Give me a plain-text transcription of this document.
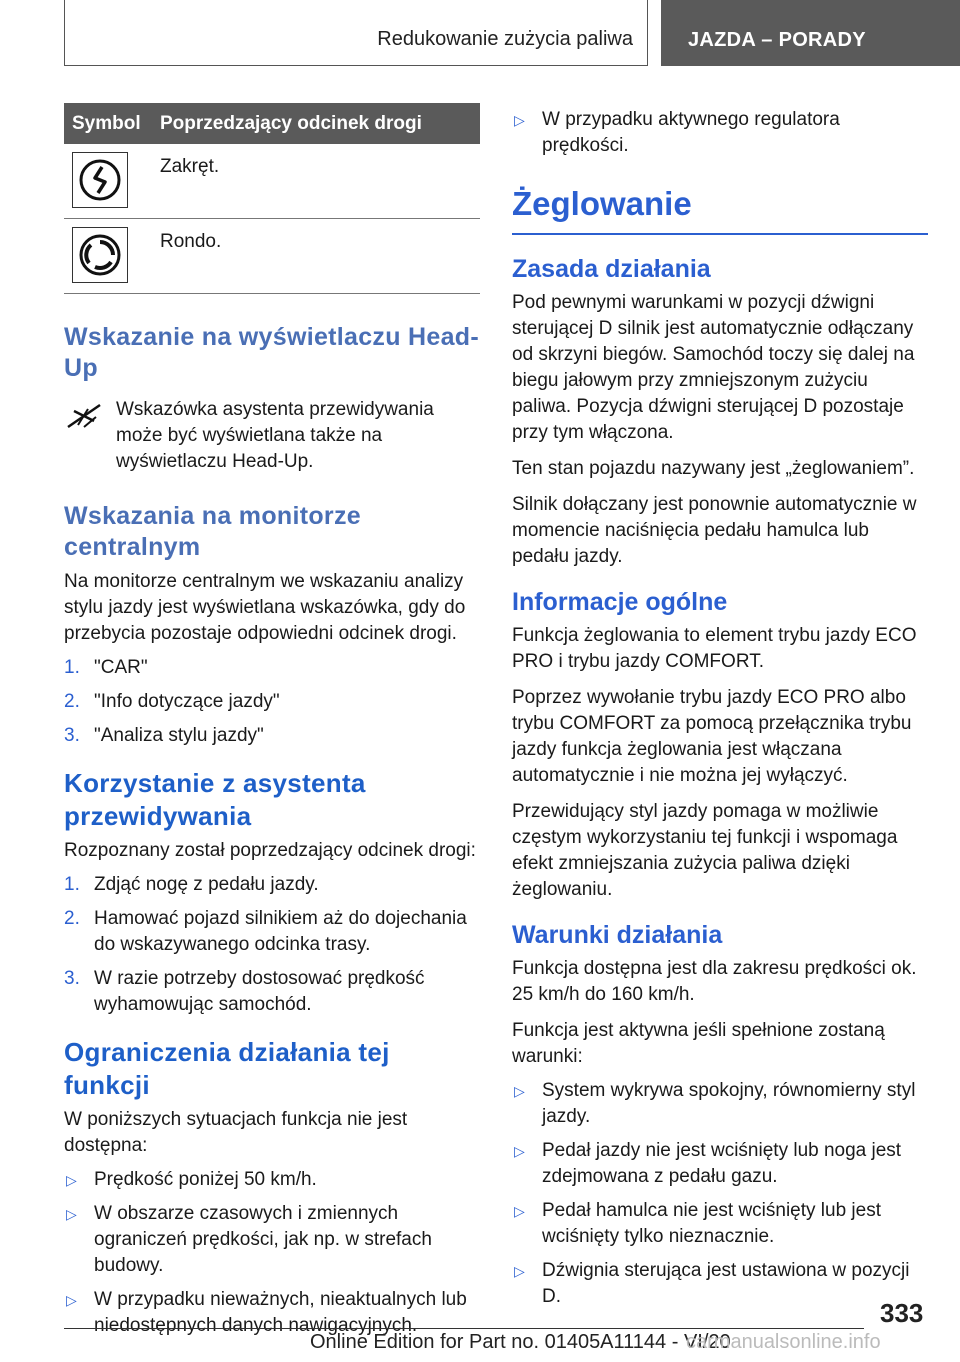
Redukowanie zużycia paliwa	JAZDA – PORADY
Symbol	Poprzedzający odcinek drogi

	Zakręt.

	Rondo.
Wskazanie na wyświetlaczu Head-Up

Wskazówka asystenta przewidywania może być wyświetlana także na wyświetlaczu Head-Up.

Wskazania na monitorze centralnym

Na monitorze centralnym we wskazaniu analizy stylu jazdy jest wyświetlana wskazówka, gdy do przebycia pozostaje odpowiedni odcinek drogi.

1. "CAR"
2. "Info dotyczące jazdy"
3. "Analiza stylu jazdy"
Korzystanie z asystenta przewidywania

Rozpoznany został poprzedzający odcinek drogi:

1. Zdjąć nogę z pedału jazdy.
2. Hamować pojazd silnikiem aż do dojechania do wskazywanego odcinka trasy.
3. W razie potrzeby dostosować prędkość wyhamowując samochód.
Ograniczenia działania tej funkcji

W poniższych sytuacjach funkcja nie jest dostępna:

▷ Prędkość poniżej 50 km/h.
▷ W obszarze czasowych i zmiennych ograniczeń prędkości, jak np. w strefach budowy.
▷ W przypadku nieważnych, nieaktualnych lub niedostępnych danych nawigacyjnych.
▷ W przypadku aktywnego regulatora prędkości.
Żeglowanie
Zasada działania

Pod pewnymi warunkami w pozycji dźwigni sterującej D silnik jest automatycznie odłączany od skrzyni biegów. Samochód toczy się dalej na biegu jałowym przy zmniejszonym zużyciu paliwa. Pozycja dźwigni sterującej D pozostaje przy tym włączona.

Ten stan pojazdu nazywany jest „żeglowaniem”.

Silnik dołączany jest ponownie automatycznie w momencie naciśnięcia pedału hamulca lub pedału jazdy.

Informacje ogólne

Funkcja żeglowania to element trybu jazdy ECO PRO i trybu jazdy COMFORT.

Poprzez wywołanie trybu jazdy ECO PRO albo trybu COMFORT za pomocą przełącznika trybu jazdy funkcja żeglowania jest włączana automatycznie i nie można jej wyłączyć.

Przewidujący styl jazdy pomaga w możliwie częstym wykorzystaniu tej funkcji i wspomaga efekt zmniejszania zużycia paliwa dzięki żeglowaniu.

Warunki działania

Funkcja dostępna jest dla zakresu prędkości ok. 25 km/h do 160 km/h.

Funkcja jest aktywna jeśli spełnione zostaną warunki:

▷ System wykrywa spokojny, równomierny styl jazdy.
▷ Pedał jazdy nie jest wciśnięty lub noga jest zdejmowana z pedału gazu.
▷ Pedał hamulca nie jest wciśnięty lub jest wciśnięty tylko nieznacznie.
▷ Dźwignia sterująca jest ustawiona w pozycji D.
333
Online Edition for Part no. 01405A11144 - VI/20
carmanualsonline.info
